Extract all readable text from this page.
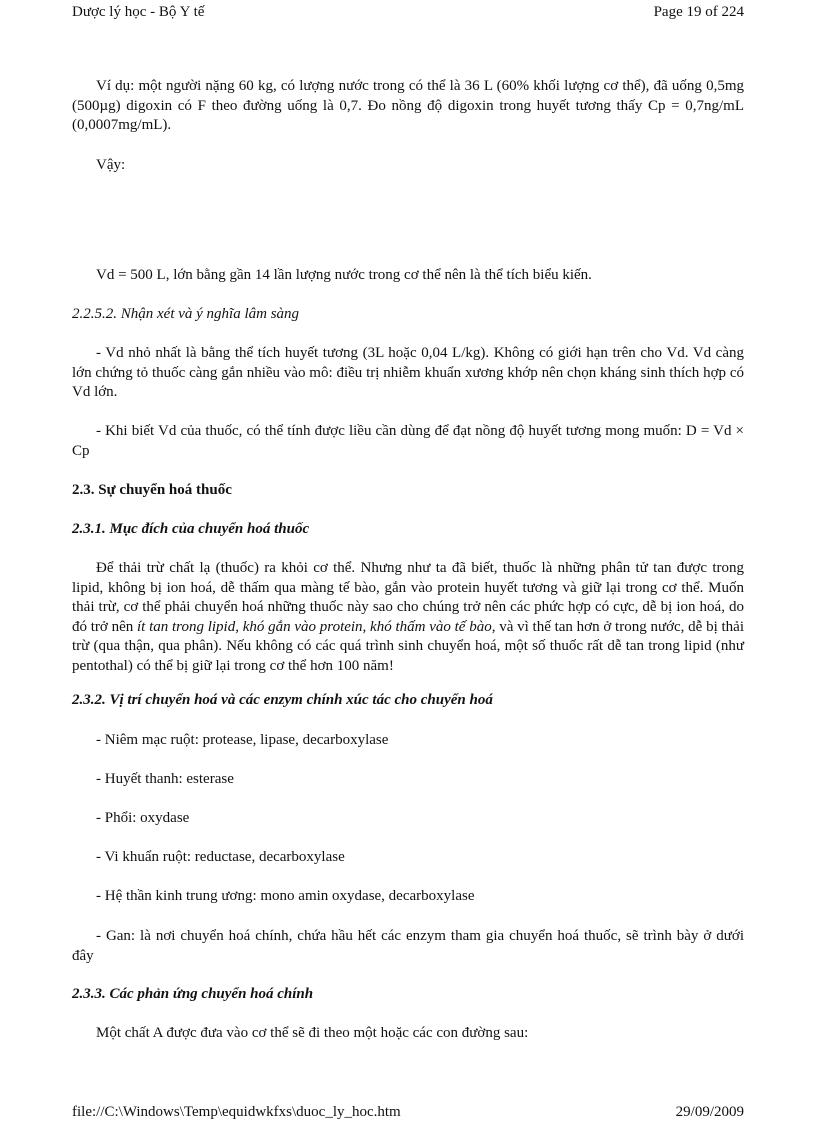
Dược lý học - Bộ Y tế	Page 19 of 224

Ví dụ: một người nặng 60 kg, có lượng nước trong có thể là 36 L (60% khối lượng cơ thể), đã uống 0,5mg (500µg) digoxin có F theo đường uống là 0,7. Đo nồng độ digoxin trong huyết tương thấy Cp = 0,7ng/mL (0,0007mg/mL).

Vậy:

Vd = 500 L, lớn bằng gần 14 lần lượng nước trong cơ thể nên là thể tích biểu kiến.

2.2.5.2. Nhận xét và ý nghĩa lâm sàng

- Vd nhỏ nhất là bằng thể tích huyết tương (3L hoặc 0,04 L/kg). Không có giới hạn trên cho Vd. Vd càng lớn chứng tỏ thuốc càng gắn nhiều vào mô: điều trị nhiễm khuẩn xương khớp nên chọn kháng sinh thích hợp có Vd lớn.

- Khi biết Vd của thuốc, có thể tính được liều cần dùng để đạt nồng độ huyết tương mong muốn: D = Vd × Cp

2.3. Sự chuyển hoá thuốc

2.3.1. Mục đích của chuyển hoá thuốc

Để thải trừ chất lạ (thuốc) ra khỏi cơ thể. Nhưng như ta đã biết, thuốc là những phân tử tan được trong lipid, không bị ion hoá, dễ thấm qua màng tế bào, gắn vào protein huyết tương và giữ lại trong cơ thể. Muốn thải trừ, cơ thể phải chuyển hoá những thuốc này sao cho chúng trở nên các phức hợp có cực, dễ bị ion hoá, do đó trở nên ít tan trong lipid, khó gắn vào protein, khó thấm vào tế bào, và vì thế tan hơn ở trong nước, dễ bị thải trừ (qua thận, qua phân). Nếu không có các quá trình sinh chuyển hoá, một số thuốc rất dễ tan trong lipid (như pentothal) có thể bị giữ lại trong cơ thể hơn 100 năm!

2.3.2. Vị trí chuyển hoá và các enzym chính xúc tác cho chuyển hoá

- Niêm mạc ruột: protease, lipase, decarboxylase

- Huyết thanh: esterase

- Phổi: oxydase

- Vi khuẩn ruột: reductase, decarboxylase

- Hệ thần kinh trung ương: mono amin oxydase, decarboxylase

- Gan: là nơi chuyển hoá chính, chứa hầu hết các enzym tham gia chuyển hoá thuốc, sẽ trình bày ở dưới đây

2.3.3. Các phản ứng chuyển hoá chính

Một chất A được đưa vào cơ thể sẽ đi theo một hoặc các con đường sau:

file://C:\Windows\Temp\equidwkfxs\duoc_ly_hoc.htm	29/09/2009
